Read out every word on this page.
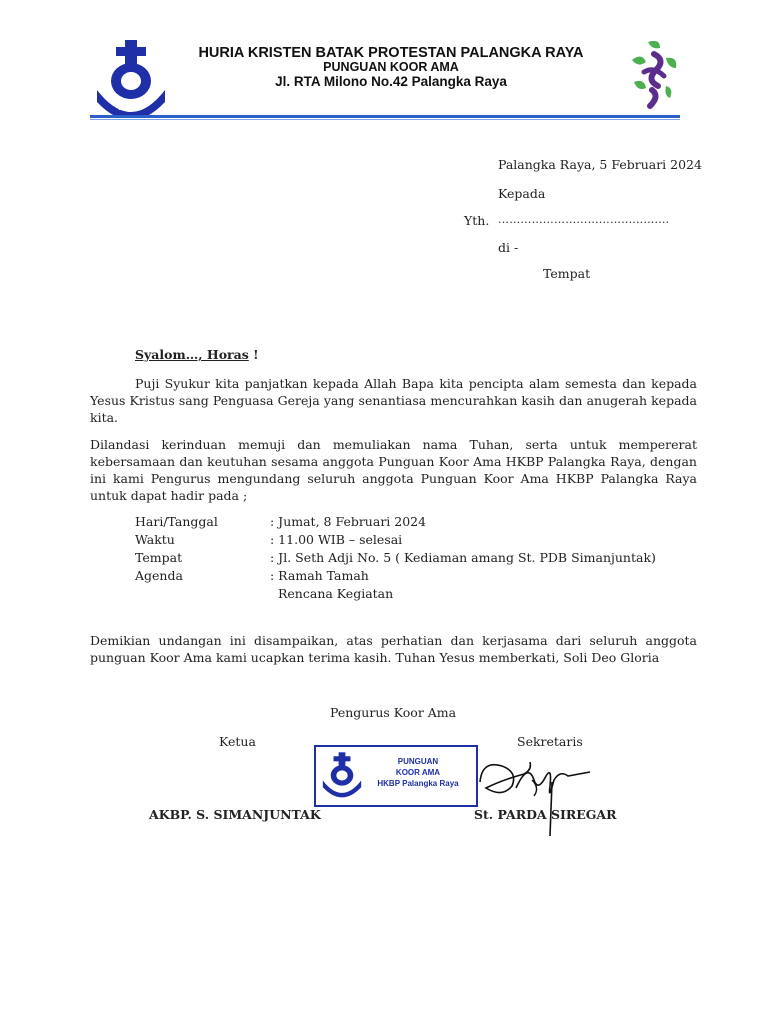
HKBP
HURIA KRISTEN BATAK PROTESTAN PALANGKA RAYA
PUNGUAN KOOR AMA
Jl. RTA Milono No.42 Palangka Raya
Palangka Raya, 5 Februari 2024
Kepada
Yth. …………………………….............
di -
Tempat
Syalom…, Horas !
Puji Syukur kita panjatkan kepada Allah Bapa kita pencipta alam semesta dan kepada Yesus Kristus sang Penguasa Gereja yang senantiasa mencurahkan kasih dan anugerah kepada kita.
Dilandasi kerinduan memuji dan memuliakan nama Tuhan, serta untuk mempererat kebersamaan dan keutuhan sesama anggota Punguan Koor Ama HKBP Palangka Raya, dengan ini kami Pengurus mengundang seluruh anggota Punguan Koor Ama HKBP Palangka Raya untuk dapat hadir pada ;
Hari/Tanggal	: Jumat, 8 Februari 2024
Waktu	: 11.00 WIB – selesai
Tempat	: Jl. Seth Adji No. 5 ( Kediaman amang St. PDB Simanjuntak)
Agenda	: Ramah Tamah
Rencana Kegiatan
Demikian undangan ini disampaikan, atas perhatian dan kerjasama dari seluruh anggota punguan Koor Ama kami ucapkan terima kasih. Tuhan Yesus memberkati, Soli Deo Gloria
Pengurus Koor Ama
Ketua	Sekretaris
PUNGUAN
KOOR AMA
HKBP Palangka Raya
AKBP. S. SIMANJUNTAK	St. PARDA SIREGAR
